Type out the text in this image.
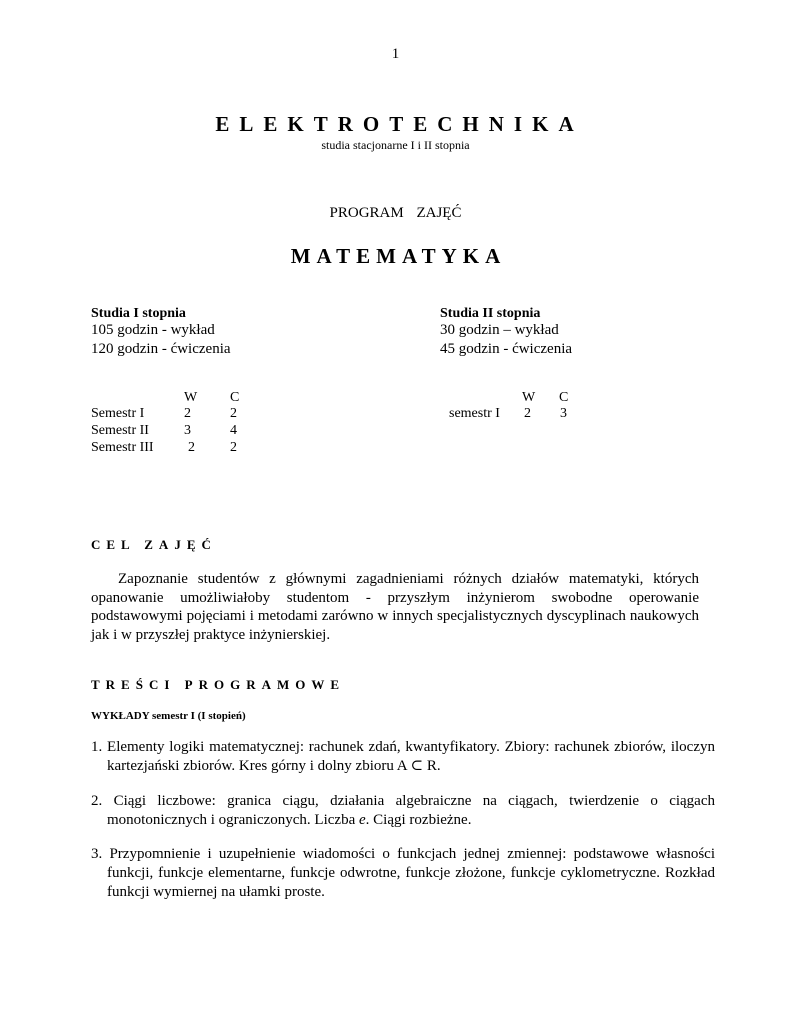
1
ELEKTROTECHNIKA
studia stacjonarne I i II stopnia
PROGRAM ZAJĘĆ
MATEMATYKA
Studia I stopnia
105 godzin - wykład
120 godzin - ćwiczenia
W C
Semestr I	2	2
Semestr II	3	4
Semestr III 2	2
Studia II stopnia
30 godzin – wykład
45 godzin - ćwiczenia
W C
semestr I 2 3
CEL ZAJĘĆ
Zapoznanie studentów z głównymi zagadnieniami różnych działów matematyki, których opanowanie umożliwiałoby studentom - przyszłym inżynierom swobodne operowanie podstawowymi pojęciami i metodami zarówno w innych specjalistycznych dyscyplinach naukowych jak i w przyszłej praktyce inżynierskiej.
TREŚCI PROGRAMOWE
WYKŁADY semestr I (I stopień)
1. Elementy logiki matematycznej: rachunek zdań, kwantyfikatory. Zbiory: rachunek zbiorów, iloczyn kartezjański zbiorów. Kres górny i dolny zbioru A ⊂ R.
2. Ciągi liczbowe: granica ciągu, działania algebraiczne na ciągach, twierdzenie o ciągach monotonicznych i ograniczonych. Liczba e. Ciągi rozbieżne.
3. Przypomnienie i uzupełnienie wiadomości o funkcjach jednej zmiennej: podstawowe własności funkcji, funkcje elementarne, funkcje odwrotne, funkcje złożone, funkcje cyklometryczne. Rozkład funkcji wymiernej na ułamki proste.
